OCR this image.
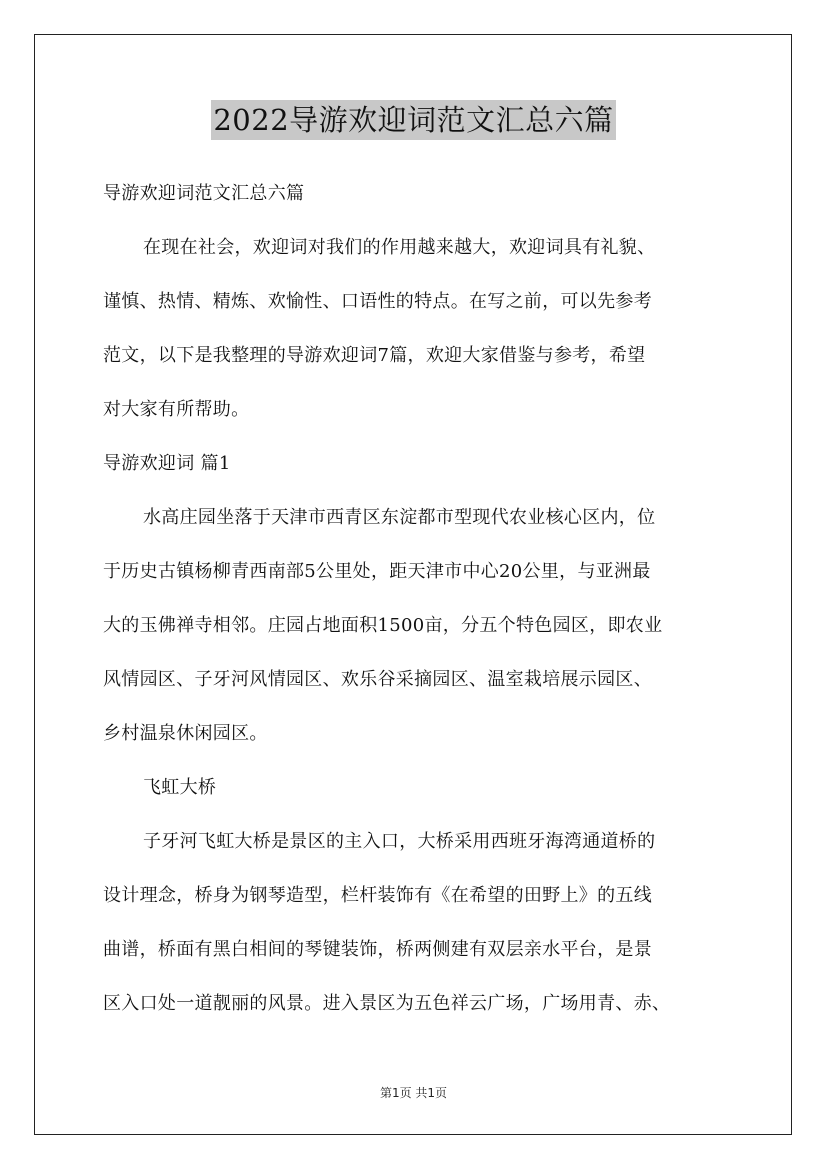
2022导游欢迎词范文汇总六篇
导游欢迎词范文汇总六篇
在现在社会，欢迎词对我们的作用越来越大，欢迎词具有礼貌、
谨慎、热情、精炼、欢愉性、口语性的特点。在写之前，可以先参考
范文，以下是我整理的导游欢迎词7篇，欢迎大家借鉴与参考，希望
对大家有所帮助。
导游欢迎词 篇1
水高庄园坐落于天津市西青区东淀都市型现代农业核心区内，位
于历史古镇杨柳青西南部5公里处，距天津市中心20公里，与亚洲最
大的玉佛禅寺相邻。庄园占地面积1500亩，分五个特色园区，即农业
风情园区、子牙河风情园区、欢乐谷采摘园区、温室栽培展示园区、
乡村温泉休闲园区。
飞虹大桥
子牙河飞虹大桥是景区的主入口，大桥采用西班牙海湾通道桥的
设计理念，桥身为钢琴造型，栏杆装饰有《在希望的田野上》的五线
曲谱，桥面有黑白相间的琴键装饰，桥两侧建有双层亲水平台，是景
区入口处一道靓丽的风景。进入景区为五色祥云广场，广场用青、赤、
第1页 共1页
